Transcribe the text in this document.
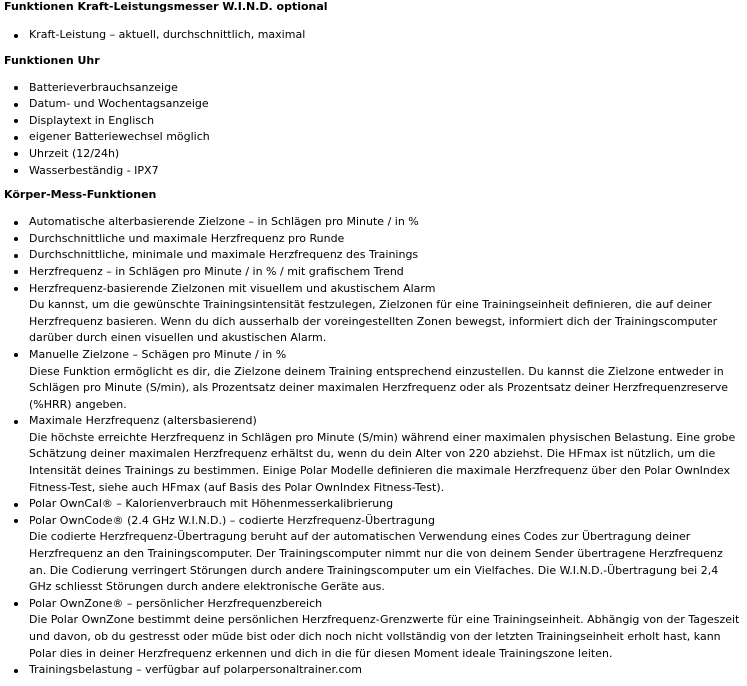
Funktionen Kraft-Leistungsmesser W.I.N.D. optional
Kraft-Leistung – aktuell, durchschnittlich, maximal
Funktionen Uhr
Batterieverbrauchsanzeige
Datum- und Wochentagsanzeige
Displaytext in Englisch
eigener Batteriewechsel möglich
Uhrzeit (12/24h)
Wasserbeständig - IPX7
Körper-Mess-Funktionen
Automatische alterbasierende Zielzone – in Schlägen pro Minute / in %
Durchschnittliche und maximale Herzfrequenz pro Runde
Durchschnittliche, minimale und maximale Herzfrequenz des Trainings
Herzfrequenz – in Schlägen pro Minute / in % / mit grafischem Trend
Herzfrequenz-basierende Zielzonen mit visuellem und akustischem Alarm
Du kannst, um die gewünschte Trainingsintensität festzulegen, Zielzonen für eine Trainingseinheit definieren, die auf deiner Herzfrequenz basieren. Wenn du dich ausserhalb der voreingestellten Zonen bewegst, informiert dich der Trainingscomputer darüber durch einen visuellen und akustischen Alarm.
Manuelle Zielzone – Schägen pro Minute / in %
Diese Funktion ermöglicht es dir, die Zielzone deinem Training entsprechend einzustellen. Du kannst die Zielzone entweder in Schlägen pro Minute (S/min), als Prozentsatz deiner maximalen Herzfrequenz oder als Prozentsatz deiner Herzfrequenzreserve (%HRR) angeben.
Maximale Herzfrequenz (altersbasierend)
Die höchste erreichte Herzfrequenz in Schlägen pro Minute (S/min) während einer maximalen physischen Belastung. Eine grobe Schätzung deiner maximalen Herzfrequenz erhältst du, wenn du dein Alter von 220 abziehst. Die HFmax ist nützlich, um die Intensität deines Trainings zu bestimmen. Einige Polar Modelle definieren die maximale Herzfrequenz über den Polar OwnIndex Fitness-Test, siehe auch HFmax (auf Basis des Polar OwnIndex Fitness-Test).
Polar OwnCal® – Kalorienverbrauch mit Höhenmesserkalibrierung
Polar OwnCode® (2.4 GHz W.I.N.D.) – codierte Herzfrequenz-Übertragung
Die codierte Herzfrequenz-Übertragung beruht auf der automatischen Verwendung eines Codes zur Übertragung deiner Herzfrequenz an den Trainingscomputer. Der Trainingscomputer nimmt nur die von deinem Sender übertragene Herzfrequenz an. Die Codierung verringert Störungen durch andere Trainingscomputer um ein Vielfaches. Die W.I.N.D.-Übertragung bei 2,4 GHz schliesst Störungen durch andere elektronische Geräte aus.
Polar OwnZone® – persönlicher Herzfrequenzbereich
Die Polar OwnZone bestimmt deine persönlichen Herzfrequenz-Grenzwerte für eine Trainingseinheit. Abhängig von der Tageszeit und davon, ob du gestresst oder müde bist oder dich noch nicht vollständig von der letzten Trainingseinheit erholt hast, kann Polar dies in deiner Herzfrequenz erkennen und dich in die für diesen Moment ideale Trainingszone leiten.
Trainingsbelastung – verfügbar auf polarpersonaltrainer.com
